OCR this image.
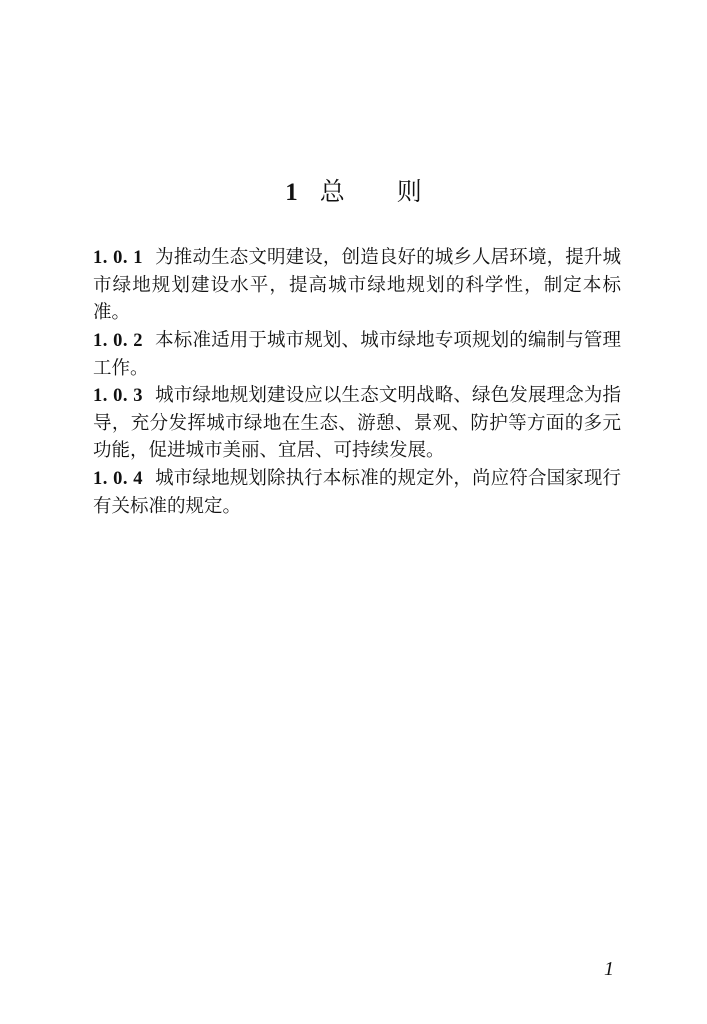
1 总 则

1. 0. 1 为推动生态文明建设，创造良好的城乡人居环境，提升城市绿地规划建设水平，提高城市绿地规划的科学性，制定本标准。

1. 0. 2 本标准适用于城市规划、城市绿地专项规划的编制与管理工作。

1. 0. 3 城市绿地规划建设应以生态文明战略、绿色发展理念为指导，充分发挥城市绿地在生态、游憩、景观、防护等方面的多元功能，促进城市美丽、宜居、可持续发展。

1. 0. 4 城市绿地规划除执行本标准的规定外，尚应符合国家现行有关标准的规定。

1
